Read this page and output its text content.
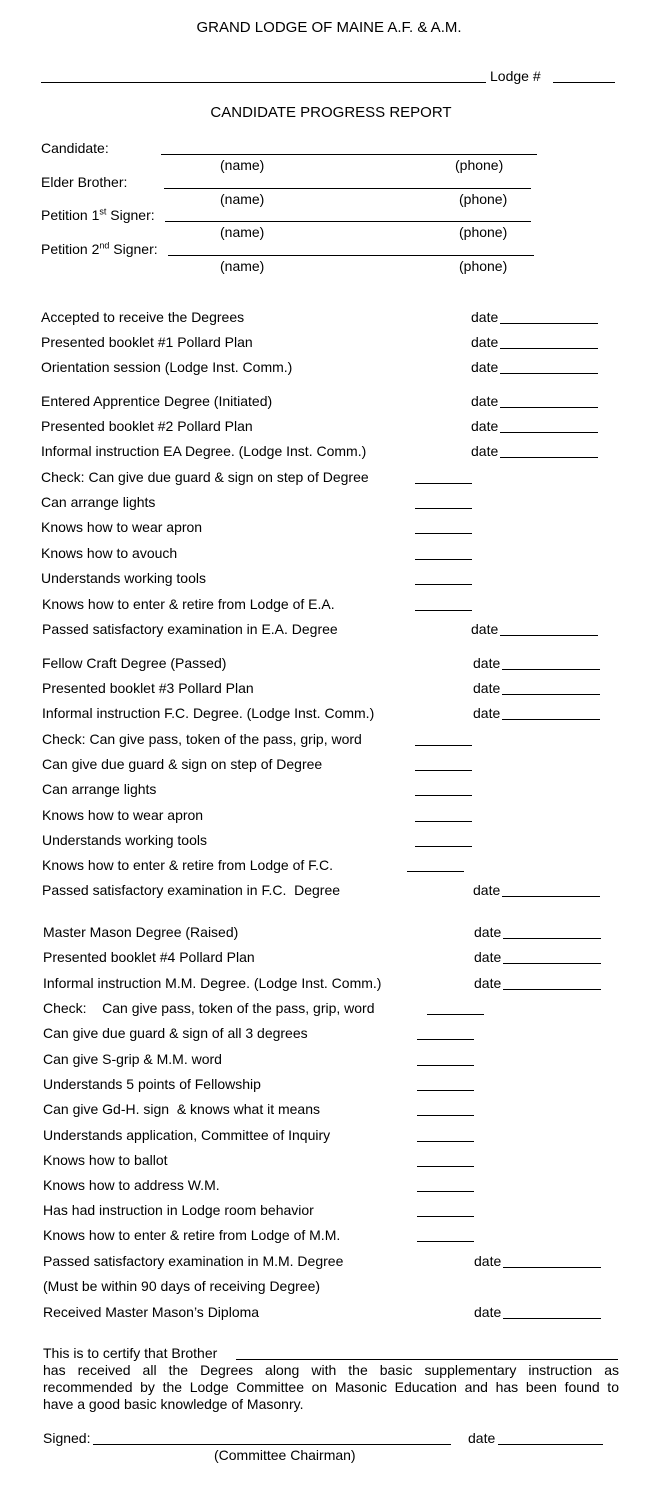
GRAND LODGE OF MAINE A.F. & A.M.
Lodge #
CANDIDATE PROGRESS REPORT
Candidate:
(name)	(phone)
Elder Brother:
(name)	(phone)
Petition 1st Signer:
(name)	(phone)
Petition 2nd Signer:
(name)	(phone)
Accepted to receive the Degrees	date
Presented booklet #1 Pollard Plan	date
Orientation session (Lodge Inst. Comm.)	date
Entered Apprentice Degree (Initiated)	date
Presented booklet #2 Pollard Plan	date
Informal instruction EA Degree. (Lodge Inst. Comm.)	date
Check: Can give due guard & sign on step of Degree
Can arrange lights
Knows how to wear apron
Knows how to avouch
Understands working tools
Knows how to enter & retire from Lodge of E.A.
Passed satisfactory examination in E.A. Degree	date
Fellow Craft Degree (Passed)	date
Presented booklet #3 Pollard Plan	date
Informal instruction F.C. Degree. (Lodge Inst. Comm.)	date
Check: Can give pass, token of the pass, grip, word
Can give due guard & sign on step of Degree
Can arrange lights
Knows how to wear apron
Understands working tools
Knows how to enter & retire from Lodge of F.C.
Passed satisfactory examination in F.C.  Degree	date
Master Mason Degree (Raised)	date
Presented booklet #4 Pollard Plan	date
Informal instruction M.M. Degree. (Lodge Inst. Comm.)	date
Check:    Can give pass, token of the pass, grip, word
Can give due guard & sign of all 3 degrees
Can give S-grip & M.M. word
Understands 5 points of Fellowship
Can give Gd-H. sign  & knows what it means
Understands application, Committee of Inquiry
Knows how to ballot
Knows how to address W.M.
Has had instruction in Lodge room behavior
Knows how to enter & retire from Lodge of M.M.
Passed satisfactory examination in M.M. Degree	date
(Must be within 90 days of receiving Degree)
Received Master Mason’s Diploma	date
This is to certify that Brother
has received all the Degrees along with the basic supplementary instruction as
recommended by the Lodge Committee on Masonic Education and has been found to
have a good basic knowledge of Masonry.
Signed:	date
(Committee Chairman)
